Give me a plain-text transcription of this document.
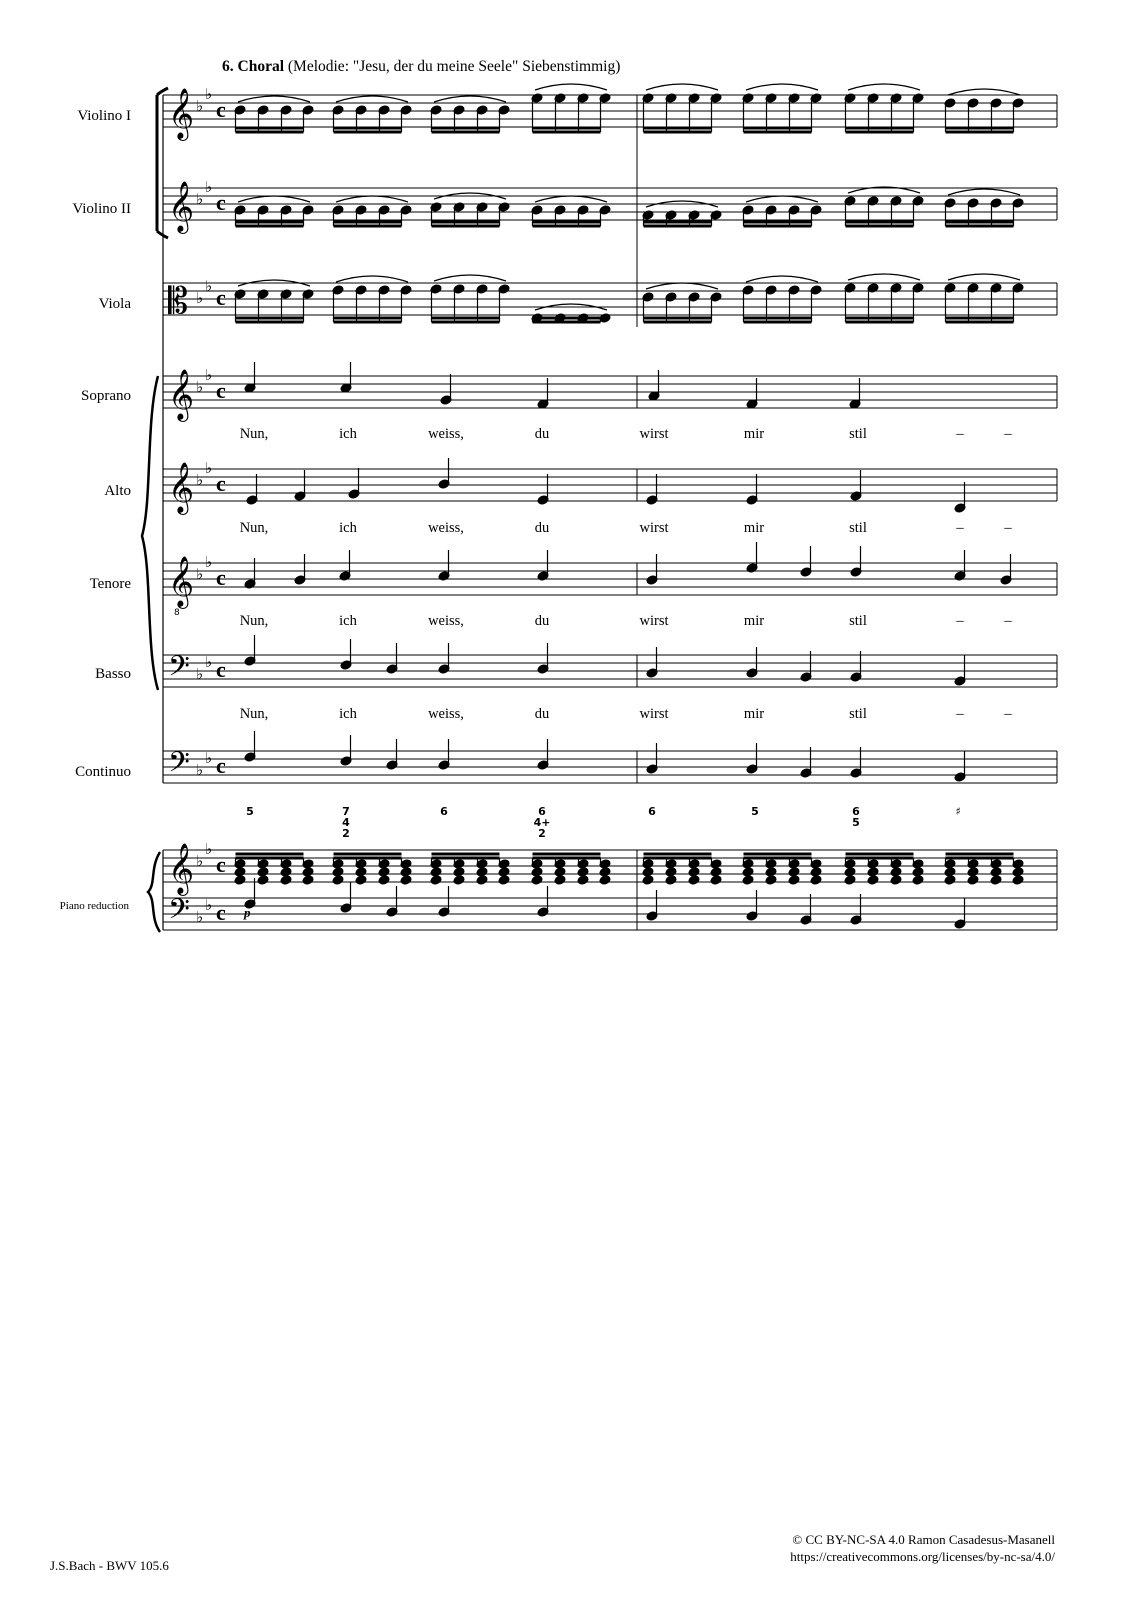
6. Choral (Melodie: "Jesu, der du meine Seele" Siebenstimmig)
Violino I
Violino II
Viola
Soprano
Alto
Tenore
Basso
Continuo
Piano reduction
𝄞
𝄞
𝄡
𝄞
𝄞
𝄞
8
𝄢
𝄢
𝄞
𝄢
♭
♭
♭
♭
♭
♭
♭
♭
♭
♭
♭
♭
♭
♭
♭
♭
♭
♭
♭
♭
c
c
c
c
c
c
c
c
c
c
Nun,	ich	weiss,	du	wirst	mir	stil	–	–
Nun,	ich	weiss,	du	wirst	mir	stil	–	–
Nun,	ich	weiss,	du	wirst	mir	stil	–	–
Nun,	ich	weiss,	du	wirst	mir	stil	–	–
5	7
4
2
6	6
4+
2
6	5	6
5
♯
p
J.S.Bach - BWV 105.6
© CC BY-NC-SA 4.0 Ramon Casadesus-Masanell
https://creativecommons.org/licenses/by-nc-sa/4.0/
